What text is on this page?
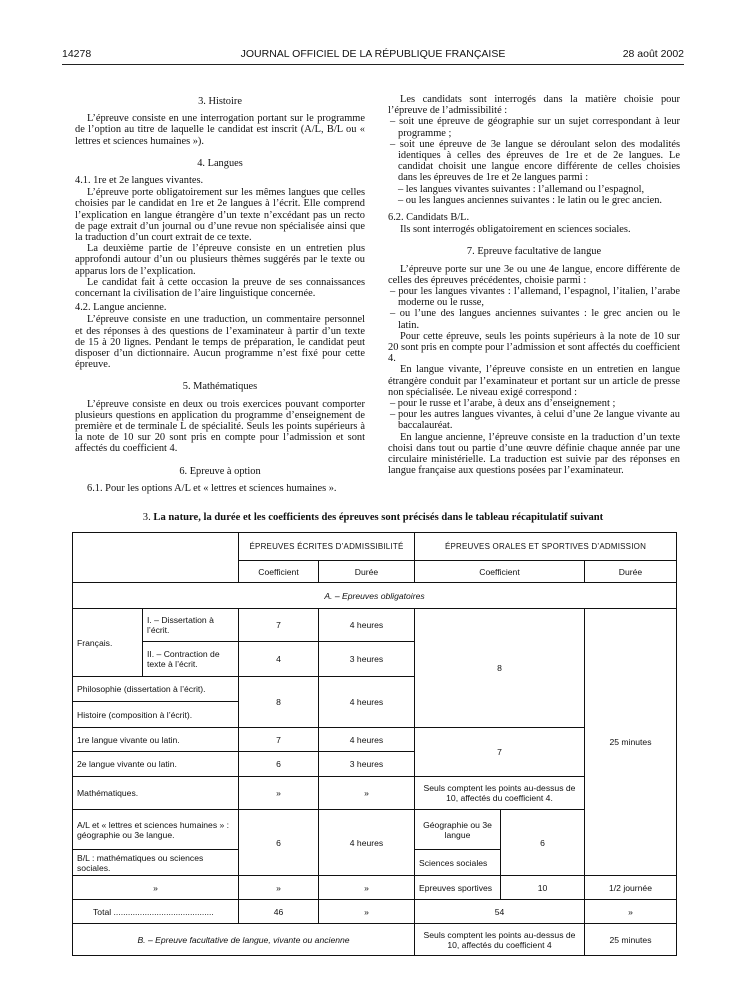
14278	JOURNAL OFFICIEL DE LA RÉPUBLIQUE FRANÇAISE	28 août 2002
3. Histoire

L’épreuve consiste en une interrogation portant sur le programme de l’option au titre de laquelle le candidat est inscrit (A/L, B/L ou « lettres et sciences humaines »).

4. Langues

4.1. 1re et 2e langues vivantes.

L’épreuve porte obligatoirement sur les mêmes langues que celles choisies par le candidat en 1re et 2e langues à l’écrit. Elle comprend l’explication en langue étrangère d’un texte n’excédant pas un recto de page extrait d’un journal ou d’une revue non spécialisée ainsi que la traduction d’un court extrait de ce texte.

La deuxième partie de l’épreuve consiste en un entretien plus approfondi autour d’un ou plusieurs thèmes suggérés par le texte ou apparus lors de l’explication.

Le candidat fait à cette occasion la preuve de ses connaissances concernant la civilisation de l’aire linguistique concernée.

4.2. Langue ancienne.

L’épreuve consiste en une traduction, un commentaire personnel et des réponses à des questions de l’examinateur à partir d’un texte de 15 à 20 lignes. Pendant le temps de préparation, le candidat peut disposer d’un dictionnaire. Aucun programme n’est fixé pour cette épreuve.

5. Mathématiques

L’épreuve consiste en deux ou trois exercices pouvant comporter plusieurs questions en application du programme d’enseignement de première et de terminale L de spécialité. Seuls les points supérieurs à la note de 10 sur 20 sont pris en compte pour l’admission et sont affectés du coefficient 4.

6. Epreuve à option

6.1. Pour les options A/L et « lettres et sciences humaines ».

Les candidats sont interrogés dans la matière choisie pour l’épreuve de l’admissibilité :

– soit une épreuve de géographie sur un sujet correspondant à leur programme ;

– soit une épreuve de 3e langue se déroulant selon des modalités identiques à celles des épreuves de 1re et de 2e langues. Le candidat choisit une langue encore différente de celles choisies dans les épreuves de 1re et 2e langues parmi :

– les langues vivantes suivantes : l’allemand ou l’espagnol,

– ou les langues anciennes suivantes : le latin ou le grec ancien.

6.2. Candidats B/L.

Ils sont interrogés obligatoirement en sciences sociales.

7. Epreuve facultative de langue

L’épreuve porte sur une 3e ou une 4e langue, encore différente de celles des épreuves précédentes, choisie parmi :

– pour les langues vivantes : l’allemand, l’espagnol, l’italien, l’arabe moderne ou le russe,

– ou l’une des langues anciennes suivantes : le grec ancien ou le latin.

Pour cette épreuve, seuls les points supérieurs à la note de 10 sur 20 sont pris en compte pour l’admission et sont affectés du coefficient 4.

En langue vivante, l’épreuve consiste en un entretien en langue étrangère conduit par l’examinateur et portant sur un article de presse non spécialisée. Le niveau exigé correspond :

– pour le russe et l’arabe, à deux ans d’enseignement ;

– pour les autres langues vivantes, à celui d’une 2e langue vivante au baccalauréat.

En langue ancienne, l’épreuve consiste en la traduction d’un texte choisi dans tout ou partie d’une œuvre définie chaque année par une circulaire ministérielle. La traduction est suivie par des réponses en langue française aux questions posées par l’examinateur.

3. La nature, la durée et les coefficients des épreuves sont précisés dans le tableau récapitulatif suivant
		ÉPREUVES ÉCRITES D’ADMISSIBILITÉ		ÉPREUVES ORALES ET SPORTIVES D’ADMISSION		
		Coefficient	Durée	Coefficient		Durée
A. – Epreuves obligatoires						
Français.	I. – Dissertation à l’écrit.	7	4 heures	8		25 minutes
	II. – Contraction de texte à l’écrit.	4	3 heures			
Philosophie (dissertation à l’écrit).		8	4 heures			
Histoire (composition à l’écrit).						
1re langue vivante ou latin.		7	4 heures	7		
2e langue vivante ou latin.		6	3 heures			
Mathématiques.		»	»	Seuls comptent les points au-dessus de 10, affectés du coefficient 4.		
A/L et « lettres et sciences humaines » : géographie ou 3e langue.		6	4 heures	Géographie ou 3e langue	6	
B/L : mathématiques ou sciences sociales.				Sciences sociales		
»		»	»	Epreuves sportives	10	1/2 journée
Total ..........................................		46	»	54		»
B. – Epreuve facultative de langue, vivante ou ancienne				Seuls comptent les points au-dessus de 10, affectés du coefficient 4		25 minutes
